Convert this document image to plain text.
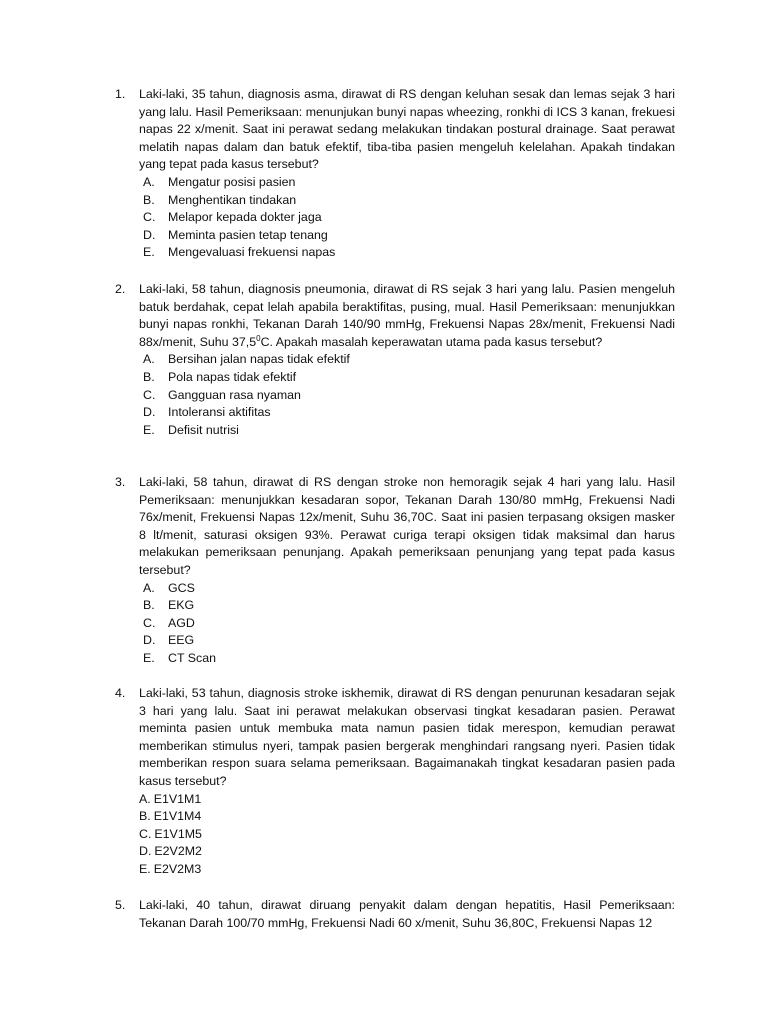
1. Laki-laki, 35 tahun, diagnosis asma, dirawat di RS dengan keluhan sesak dan lemas sejak 3 hari yang lalu. Hasil Pemeriksaan: menunjukan bunyi napas wheezing, ronkhi di ICS 3 kanan, frekuesi napas 22 x/menit. Saat ini perawat sedang melakukan tindakan postural drainage. Saat perawat melatih napas dalam dan batuk efektif, tiba-tiba pasien mengeluh kelelahan. Apakah tindakan yang tepat pada kasus tersebut?
A. Mengatur posisi pasien
B. Menghentikan tindakan
C. Melapor kepada dokter jaga
D. Meminta pasien tetap tenang
E. Mengevaluasi frekuensi napas
2. Laki-laki, 58 tahun, diagnosis pneumonia, dirawat di RS sejak 3 hari yang lalu. Pasien mengeluh batuk berdahak, cepat lelah apabila beraktifitas, pusing, mual. Hasil Pemeriksaan: menunjukkan bunyi napas ronkhi, Tekanan Darah 140/90 mmHg, Frekuensi Napas 28x/menit, Frekuensi Nadi 88x/menit, Suhu 37,5$^0$C. Apakah masalah keperawatan utama pada kasus tersebut?
A. Bersihan jalan napas tidak efektif
B. Pola napas tidak efektif
C. Gangguan rasa nyaman
D. Intoleransi aktifitas
E. Defisit nutrisi
3. Laki-laki, 58 tahun, dirawat di RS dengan stroke non hemoragik sejak 4 hari yang lalu. Hasil Pemeriksaan: menunjukkan kesadaran sopor, Tekanan Darah 130/80 mmHg, Frekuensi Nadi 76x/menit, Frekuensi Napas 12x/menit, Suhu 36,70C. Saat ini pasien terpasang oksigen masker 8 lt/menit, saturasi oksigen 93%. Perawat curiga terapi oksigen tidak maksimal dan harus melakukan pemeriksaan penunjang. Apakah pemeriksaan penunjang yang tepat pada kasus tersebut?
A. GCS
B. EKG
C. AGD
D. EEG
E. CT Scan
4. Laki-laki, 53 tahun, diagnosis stroke iskhemik, dirawat di RS dengan penurunan kesadaran sejak 3 hari yang lalu. Saat ini perawat melakukan observasi tingkat kesadaran pasien. Perawat meminta pasien untuk membuka mata namun pasien tidak merespon, kemudian perawat memberikan stimulus nyeri, tampak pasien bergerak menghindari rangsang nyeri. Pasien tidak memberikan respon suara selama pemeriksaan. Bagaimanakah tingkat kesadaran pasien pada kasus tersebut?
A. E1V1M1
B. E1V1M4
C. E1V1M5
D. E2V2M2
E. E2V2M3
5. Laki-laki, 40 tahun, dirawat diruang penyakit dalam dengan hepatitis, Hasil Pemeriksaan: Tekanan Darah 100/70 mmHg, Frekuensi Nadi 60 x/menit, Suhu 36,80C, Frekuensi Napas 12
